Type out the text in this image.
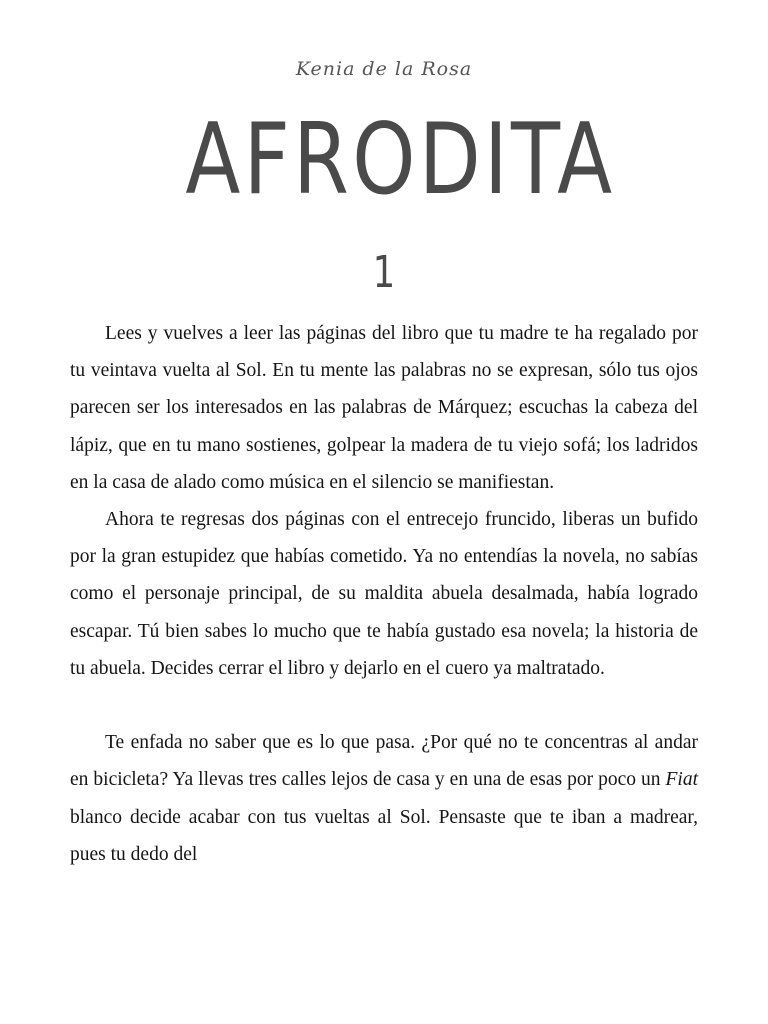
Kenia de la Rosa
AFRODITA
1

Lees y vuelves a leer las páginas del libro que tu madre te ha regalado por tu veintava vuelta al Sol. En tu mente las palabras no se expresan, sólo tus ojos parecen ser los interesados en las palabras de Márquez; escuchas la cabeza del lápiz, que en tu mano sostienes, golpear la madera de tu viejo sofá; los ladridos en la casa de alado como música en el silencio se manifiestan.

Ahora te regresas dos páginas con el entrecejo fruncido, liberas un bufido por la gran estupidez que habías cometido. Ya no entendías la novela, no sabías como el personaje principal, de su maldita abuela desalmada, había logrado escapar. Tú bien sabes lo mucho que te había gustado esa novela; la historia de tu abuela. Decides cerrar el libro y dejarlo en el cuero ya maltratado.

Te enfada no saber que es lo que pasa. ¿Por qué no te concentras al andar en bicicleta? Ya llevas tres calles lejos de casa y en una de esas por poco un Fiat blanco decide acabar con tus vueltas al Sol. Pensaste que te iban a madrear, pues tu dedo del
